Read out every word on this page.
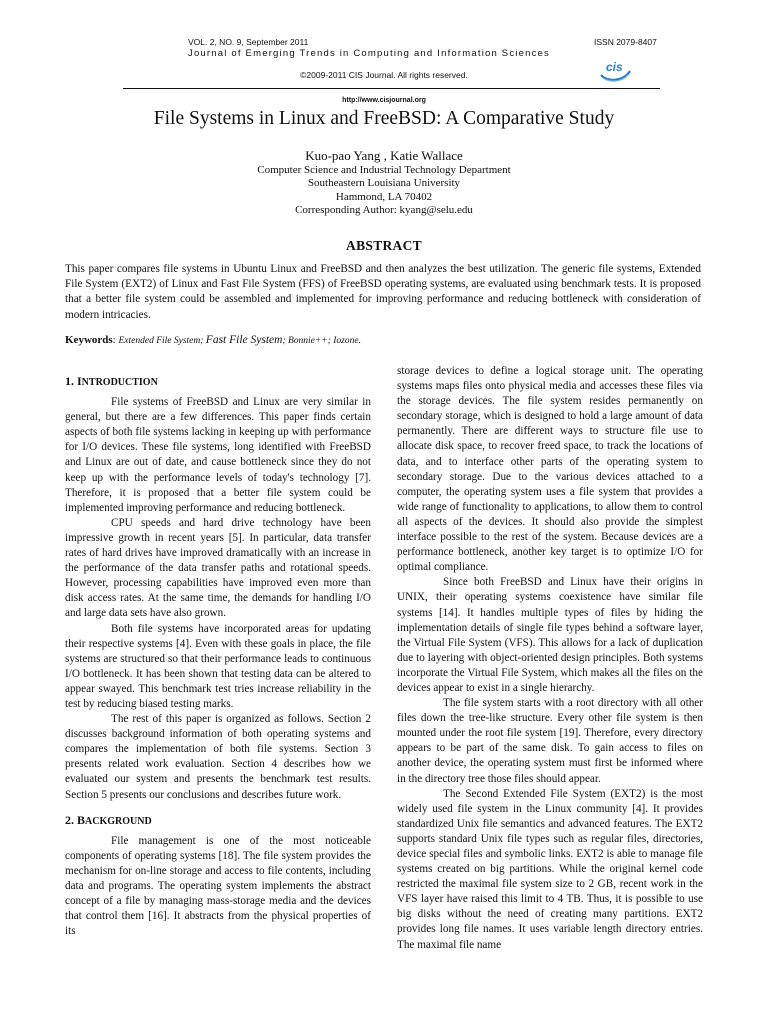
VOL. 2, NO. 9, September 2011	ISSN 2079-8407
Journal of Emerging Trends in Computing and Information Sciences
©2009-2011 CIS Journal. All rights reserved.
cis
http://www.cisjournal.org
File Systems in Linux and FreeBSD: A Comparative Study
Kuo-pao Yang , Katie Wallace
Computer Science and Industrial Technology Department
Southeastern Louisiana University
Hammond, LA 70402
Corresponding Author: kyang@selu.edu
ABSTRACT
This paper compares file systems in Ubuntu Linux and FreeBSD and then analyzes the best utilization. The generic file systems, Extended File System (EXT2) of Linux and Fast File System (FFS) of FreeBSD operating systems, are evaluated using benchmark tests. It is proposed that a better file system could be assembled and implemented for improving performance and reducing bottleneck with consideration of modern intricacies.
Keywords: Extended File System; Fast File System; Bonnie++; Iozone.
1. INTRODUCTION

File systems of FreeBSD and Linux are very similar in general, but there are a few differences. This paper finds certain aspects of both file systems lacking in keeping up with performance for I/O devices. These file systems, long identified with FreeBSD and Linux are out of date, and cause bottleneck since they do not keep up with the performance levels of today's technology [7]. Therefore, it is proposed that a better file system could be implemented improving performance and reducing bottleneck.

CPU speeds and hard drive technology have been impressive growth in recent years [5]. In particular, data transfer rates of hard drives have improved dramatically with an increase in the performance of the data transfer paths and rotational speeds. However, processing capabilities have improved even more than disk access rates. At the same time, the demands for handling I/O and large data sets have also grown.

Both file systems have incorporated areas for updating their respective systems [4]. Even with these goals in place, the file systems are structured so that their performance leads to continuous I/O bottleneck. It has been shown that testing data can be altered to appear swayed. This benchmark test tries increase reliability in the test by reducing biased testing marks.

The rest of this paper is organized as follows. Section 2 discusses background information of both operating systems and compares the implementation of both file systems. Section 3 presents related work evaluation. Section 4 describes how we evaluated our system and presents the benchmark test results. Section 5 presents our conclusions and describes future work.

2. BACKGROUND

File management is one of the most noticeable components of operating systems [18]. The file system provides the mechanism for on-line storage and access to file contents, including data and programs. The operating system implements the abstract concept of a file by managing mass-storage media and the devices that control them [16]. It abstracts from the physical properties of its

storage devices to define a logical storage unit. The operating systems maps files onto physical media and accesses these files via the storage devices. The file system resides permanently on secondary storage, which is designed to hold a large amount of data permanently. There are different ways to structure file use to allocate disk space, to recover freed space, to track the locations of data, and to interface other parts of the operating system to secondary storage. Due to the various devices attached to a computer, the operating system uses a file system that provides a wide range of functionality to applications, to allow them to control all aspects of the devices. It should also provide the simplest interface possible to the rest of the system. Because devices are a performance bottleneck, another key target is to optimize I/O for optimal compliance.

Since both FreeBSD and Linux have their origins in UNIX, their operating systems coexistence have similar file systems [14]. It handles multiple types of files by hiding the implementation details of single file types behind a software layer, the Virtual File System (VFS). This allows for a lack of duplication due to layering with object-oriented design principles. Both systems incorporate the Virtual File System, which makes all the files on the devices appear to exist in a single hierarchy.

The file system starts with a root directory with all other files down the tree-like structure. Every other file system is then mounted under the root file system [19]. Therefore, every directory appears to be part of the same disk. To gain access to files on another device, the operating system must first be informed where in the directory tree those files should appear.

The Second Extended File System (EXT2) is the most widely used file system in the Linux community [4]. It provides standardized Unix file semantics and advanced features. The EXT2 supports standard Unix file types such as regular files, directories, device special files and symbolic links. EXT2 is able to manage file systems created on big partitions. While the original kernel code restricted the maximal file system size to 2 GB, recent work in the VFS layer have raised this limit to 4 TB. Thus, it is possible to use big disks without the need of creating many partitions. EXT2 provides long file names. It uses variable length directory entries. The maximal file name
